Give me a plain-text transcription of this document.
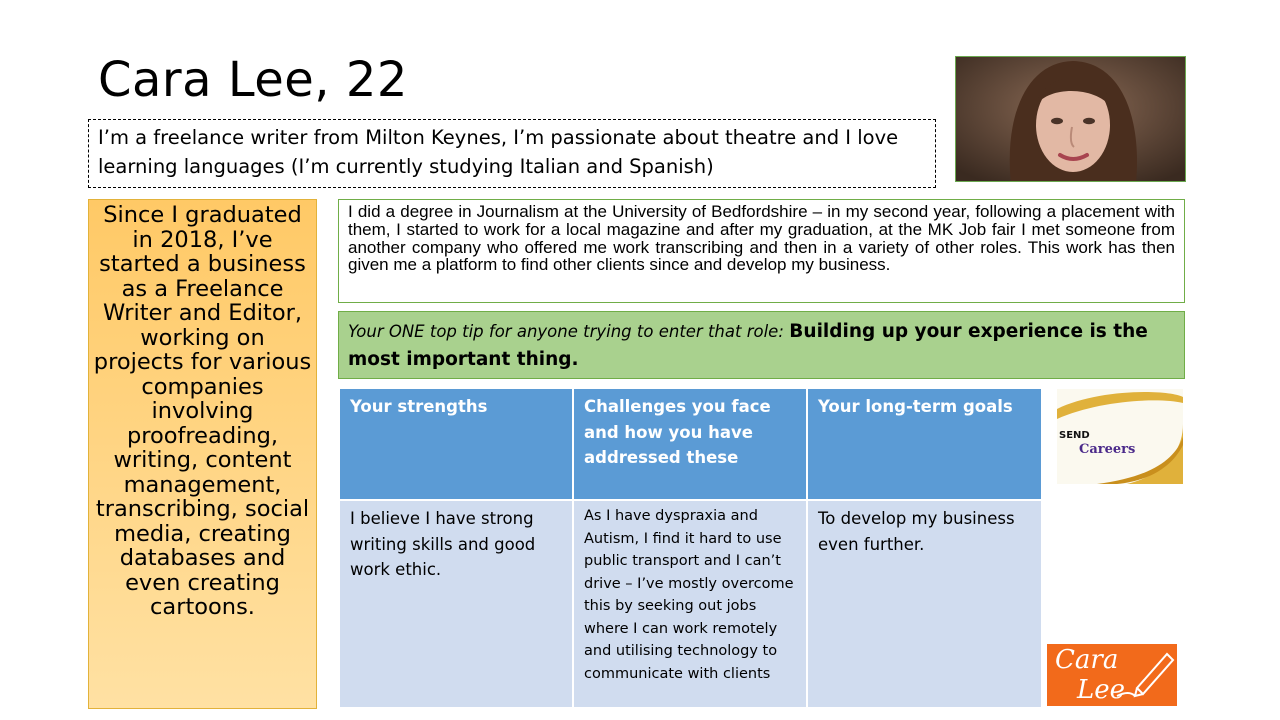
Cara Lee, 22
I’m a freelance writer from Milton Keynes, I’m passionate about theatre and I love learning languages (I’m currently studying Italian and Spanish)
Since I graduated in 2018, I’ve started a business as a Freelance Writer and Editor, working on projects for various companies involving proofreading, writing, content management, transcribing, social media, creating databases and even creating cartoons.
I did a degree in Journalism at the University of Bedfordshire – in my second year, following a placement with them, I started to work for a local magazine and after my graduation, at the MK Job fair I met someone from another company who offered me work transcribing and then in a variety of other roles. This work has then given me a platform to find other clients since and develop my business.
Your ONE top tip for anyone trying to enter that role: Building up your experience is the most important thing.
Your strengths	Challenges you face and how you have addressed these	Your long-term goals
I believe I have strong writing skills and good work ethic.	As I have dyspraxia and Autism, I find it hard to use public transport and I can’t drive – I’ve mostly overcome this by seeking out jobs where I can work remotely and utilising technology to communicate with clients	To develop my business even further.
SEND
Careers
Cara
Lee
